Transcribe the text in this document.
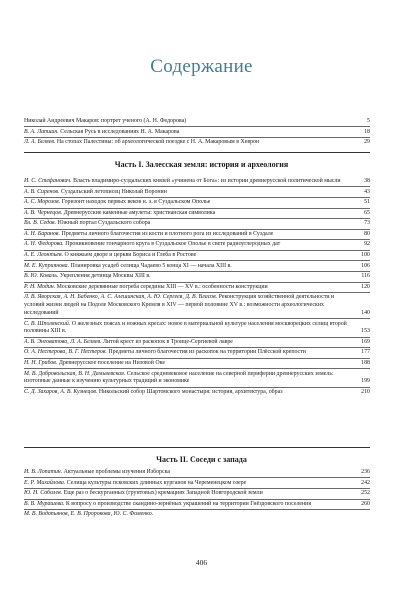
Содержание
Николай Андреевич Макаров: портрет ученого (А. Н. Федорова)	5
В. А. Лапшин. Сельская Русь в исследованиях Н. А. Макарова	18
Л. А. Беляев. На стопах Палестины: об археологической поездке с Н. А. Макаровым в Хеврон	29
Часть I. Залесская земля: история и археология
И. С. Стефанович. Власть владимиро-суздальских князей «учинена от Бога»: из истории древнерусской политической мысли	38
А. В. Сиренов. Суздальский летописец Николай Воронин	43
А. С. Морозов. Горизонт находок первых веков н. э. в Суздальском Ополье	51
А. В. Чернецов. Древнерусские каменные амулеты: христианская символика	65
Вл. В. Седов. Южный портал Суздальского собора	73
А. Н. Баранов. Предметы личного благочестия из кости и плотного рога из исследований в Суздале	80
А. Н. Федорова. Проникновение гончарного круга в Суздальское Ополье в свете радиоуглеродных дат	92
А. Е. Леонтьев. О княжьем дворе и церкви Бориса и Глеба в Ростове	100
М. Е. Куприянова. Планировка усадеб селища Чадаево 5 конца XI — начала XIII в.	106
В. Ю. Коваль. Укрепления детинца Москвы XIII в.	116
Р. Н. Модин. Московские деревянные погреба середины XIII — XV в.: особенности конструкции	120
Л. В. Яворская, А. Н. Бабенко, А. С. Алешинская, А. Ю. Сергеев, Д. В. Власов. Реконструкция хозяйственной деятельности и условий жизни людей на Подоле Московского Кремля в XIV — первой половине XV в.: возможности археологических исследований	140
С. В. Шполянский. О железных поясах и ножных кресах: новое в материальной культуре населения москворецких селищ второй половины XIII в.	153
А. В. Энговатова, Л. А. Беляев. Литой крест из раскопок в Троице-Сергиевой лавре	169
О. А. Нестерова, В. Г. Нестеров. Предметы личного благочестия из раскопок на территории Плёсской крепости	177
Н. Н. Грибов. Древнерусское поселение на Низовой Оке	188
М. В. Добровольская, В. Н. Дамьяевская. Сельское средневековое население на северной периферии древнерусских земель: изотопные данные к изучению культурных традиций и экономике	199
С. Д. Захаров, А. В. Кузнецов. Никольский собор Шартомского монастыря: история, архитектура, образ	210
Часть II. Соседи с запада
И. В. Лопатин. Актуальные проблемы изучения Изборска	236
Е. Р. Михайлова. Селища культуры псковских длинных курганов на Череменецком озере	242
Ю. Н. Соболев. Еще раз о бескурганных (грунтовых) кремациях Западной Новгородской земли	252
В. В. Мурашева. К вопросу о производстве скандино-зернёных украшений на территории Гнёздовского поселения	260
М. В. Водопьянов, Е. В. Пророкова, Ю. С. Фоменко.
406
